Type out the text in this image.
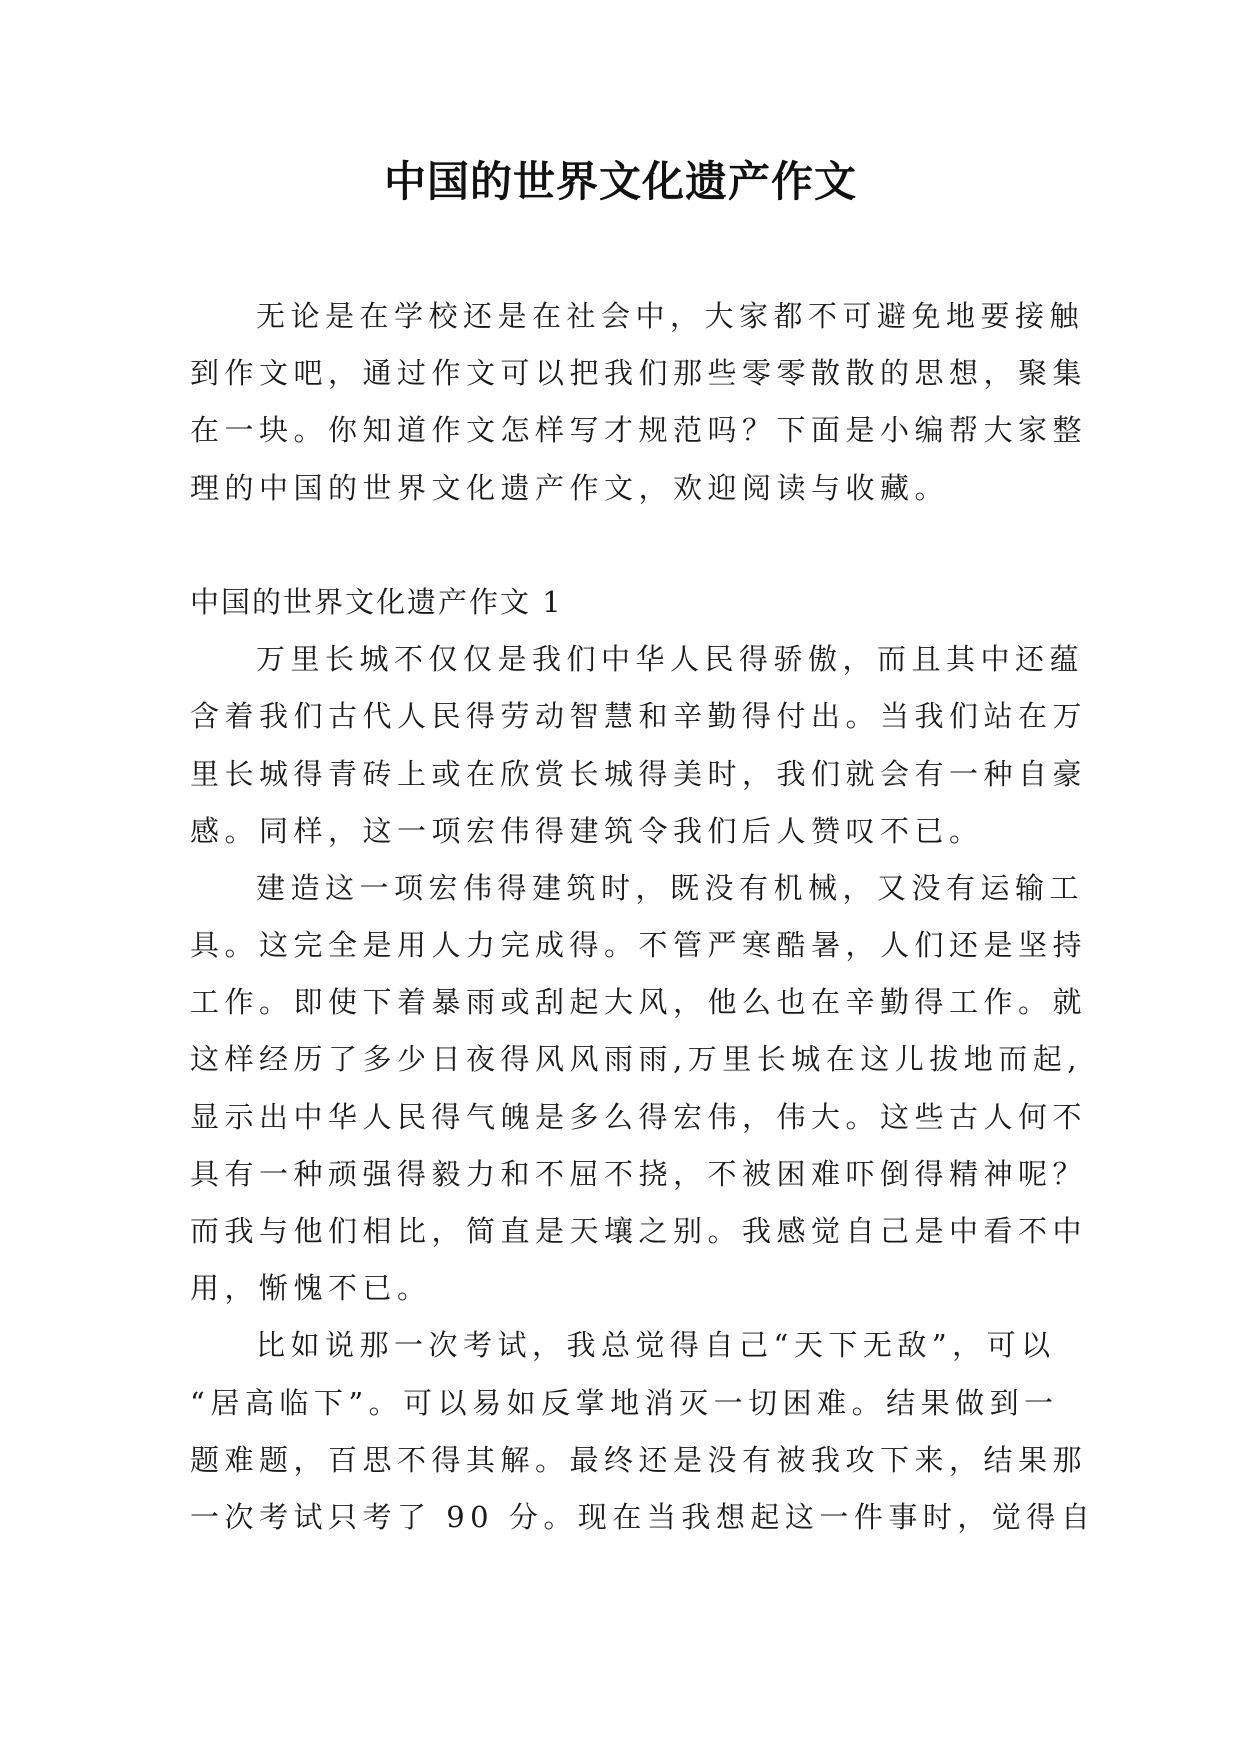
中国的世界文化遗产作文
无论是在学校还是在社会中，大家都不可避免地要接触
到作文吧，通过作文可以把我们那些零零散散的思想，聚集
在一块。你知道作文怎样写才规范吗？下面是小编帮大家整
理的中国的世界文化遗产作文，欢迎阅读与收藏。
中国的世界文化遗产作文 1
万里长城不仅仅是我们中华人民得骄傲，而且其中还蕴
含着我们古代人民得劳动智慧和辛勤得付出。当我们站在万
里长城得青砖上或在欣赏长城得美时，我们就会有一种自豪
感。同样，这一项宏伟得建筑令我们后人赞叹不已。
建造这一项宏伟得建筑时，既没有机械，又没有运输工
具。这完全是用人力完成得。不管严寒酷暑，人们还是坚持
工作。即使下着暴雨或刮起大风，他么也在辛勤得工作。就
这样经历了多少日夜得风风雨雨,万里长城在这儿拔地而起,
显示出中华人民得气魄是多么得宏伟，伟大。这些古人何不
具有一种顽强得毅力和不屈不挠，不被困难吓倒得精神呢？
而我与他们相比，简直是天壤之别。我感觉自己是中看不中
用，惭愧不已。
比如说那一次考试，我总觉得自己“天下无敌”，可以
“居高临下”。可以易如反掌地消灭一切困难。结果做到一
题难题，百思不得其解。最终还是没有被我攻下来，结果那
一次考试只考了 90 分。现在当我想起这一件事时，觉得自
